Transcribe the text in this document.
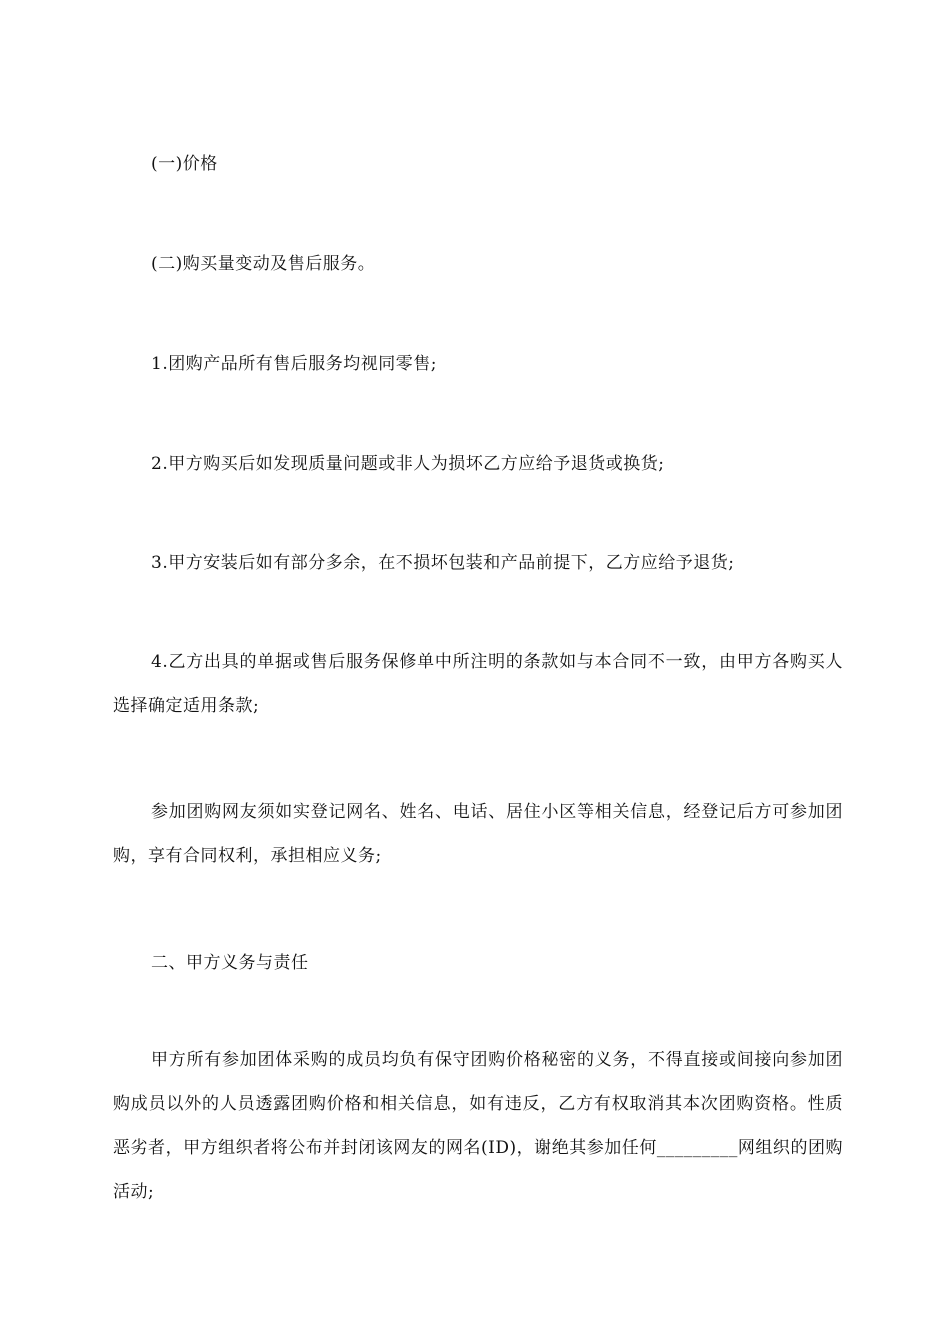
(一)价格

(二)购买量变动及售后服务。

1.团购产品所有售后服务均视同零售;

2.甲方购买后如发现质量问题或非人为损坏乙方应给予退货或换货;

3.甲方安装后如有部分多余，在不损坏包装和产品前提下，乙方应给予退货;

4.乙方出具的单据或售后服务保修单中所注明的条款如与本合同不一致，由甲方各购买人选择确定适用条款;

参加团购网友须如实登记网名、姓名、电话、居住小区等相关信息，经登记后方可参加团购，享有合同权利，承担相应义务;

二、甲方义务与责任

甲方所有参加团体采购的成员均负有保守团购价格秘密的义务，不得直接或间接向参加团购成员以外的人员透露团购价格和相关信息，如有违反，乙方有权取消其本次团购资格。性质恶劣者，甲方组织者将公布并封闭该网友的网名(ID)，谢绝其参加任何_________网组织的团购活动;
